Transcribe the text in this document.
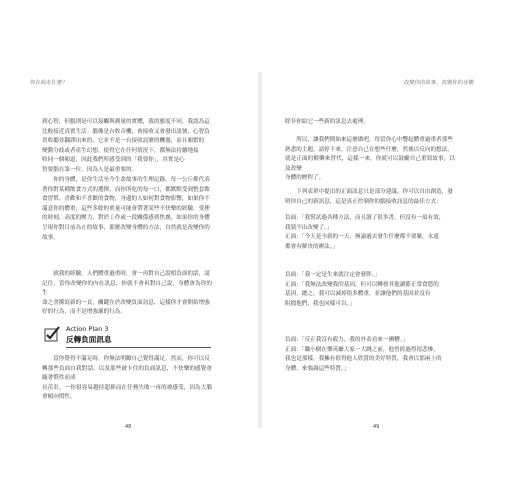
你在渴求什麼？	改變你的故事，改變你的身體
到心智，但腦則是可以接觸與測量的實體，我的態度不同，我認為這
比較接近真實生活：腦像是台收音機，會接收又會發出訊號，心智負
責收聽並翻譯出來的，它並不是一台接收訊號的機器，而且頻繁的
變動分歧或者產生幻想，使得它在任何情況下，都無法持續地接
收同一個頻道，因此我們所感受到的「我要你」，其實是心
智要腦在第一位，因為人是最重要的。
　　你的身體，是你生活至今生命故事的生理記錄，每一公斤都代表
著你對某種飲食方式的選擇，而你所吃的每一口，都默默受到整套飲
食習慣、喜歡和不喜歡的食物，身邊的人如何對食物影響，如果你不
滿意你的體重，這些多餘的重量可能會帶著某些不快樂的經驗，受挫
的時刻、高度的壓力、對於工作或一段關係感到焦慮，如果你的身體
呈現你對目前為止的故事，那麼改變身體的方法，自然就是改變你的
故事。
　　就我的經驗，人們體重過重時，會一再對自己說相負面的話，請
記住，當你改變你的內在訊息，你就不會再對自己說，身體會為你的生
命之書撰寫新的一頁，關鍵在於改變負面訊息，這樣你才會開始增強
好的行為，而不是增強壞的行為。
Action Plan 3
反轉負面訊息
　　當你覺得不滿足時，你無法明瞭自己覺得滿足，然而，你可以反
轉那些負面自我對話，以及那些被卡住的負面訊息，不快樂的感覺會隨著慣性而成
長茁壯，一你很容易越持超抑而在任務失敗一再的被感受，因為大腦會傾向慣性，
除非你給它一些新的訊息去處理。
　　所以，讓我們開始來這麼做吧，每當你心中響起體重過重者那些
熟悉的主題，請停下來，注意自己在想些什麼，然後以反向的想法，
就是正面的解藥來替代，這樣一來，你就可以鼓勵自己重寫故事，以及改變
身體的歷程了。
　　下列表單中提出的正面訊息只是部分建議，你可以自由創造，發
明你自己的新訊息，這是真正控制你的腦接收訊息的最佳方式：
負面：「我嘗試過各種方法，而且讀了很多書，但沒有一項有效，
我猜不出改變了。」
正面：「今天是全新的一天，無論過去發生什麼都不要緊，永遠
都會有解決的辦法。」
負面：「我一定是生來就注定會發胖。」
正面：「我無法改變我的基因，但可以轉發其他調節正常食慾的
基因，總之，我可以減掉很多體重，並讓他們的基因並沒有
阻擋他們，我也同樣可以。」
負面：「反正我沒有毅力，我的外表看來一團糟。」
正面：「職小樹在樂英廳大家一大跳之前，他曾經過得很悲慘，
我也是那樣，我擁有值得他人欣賞的美好特質，我會以那兩上的
身體，來強調這些特質。」
48	49
